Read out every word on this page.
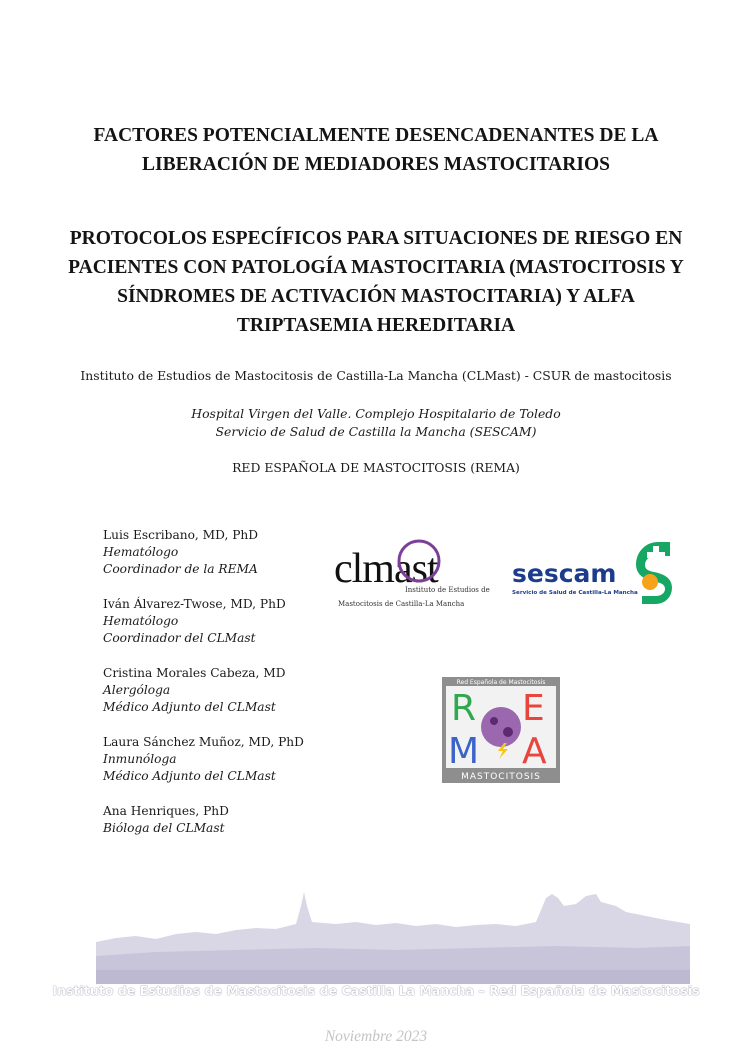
FACTORES POTENCIALMENTE DESENCADENANTES DE LA
LIBERACIÓN DE MEDIADORES MASTOCITARIOS
PROTOCOLOS ESPECÍFICOS PARA SITUACIONES DE RIESGO EN
PACIENTES CON PATOLOGÍA MASTOCITARIA (MASTOCITOSIS Y
SÍNDROMES DE ACTIVACIÓN MASTOCITARIA) Y ALFA
TRIPTASEMIA HEREDITARIA
Instituto de Estudios de Mastocitosis de Castilla-La Mancha (CLMast) - CSUR de mastocitosis
Hospital Virgen del Valle. Complejo Hospitalario de Toledo
Servicio de Salud de Castilla la Mancha (SESCAM)
RED ESPAÑOLA DE MASTOCITOSIS (REMA)
Luis Escribano, MD, PhD
Hematólogo
Coordinador de la REMA
Iván Álvarez-Twose, MD, PhD
Hematólogo
Coordinador del CLMast
Cristina Morales Cabeza, MD
Alergóloga
Médico Adjunto del CLMast
Laura Sánchez Muñoz, MD, PhD
Inmunóloga
Médico Adjunto del CLMast
Ana Henriques, PhD
Bióloga del CLMast
clmast
Instituto de Estudios de
Mastocitosis de Castilla-La Mancha
sescam
Servicio de Salud de Castilla-La Mancha
Red Española de Mastocitosis
R E
M A
MASTOCITOSIS
Instituto de Estudios de Mastocitosis de Castilla La Mancha – Red Española de Mastocitosis
Noviembre 2023
